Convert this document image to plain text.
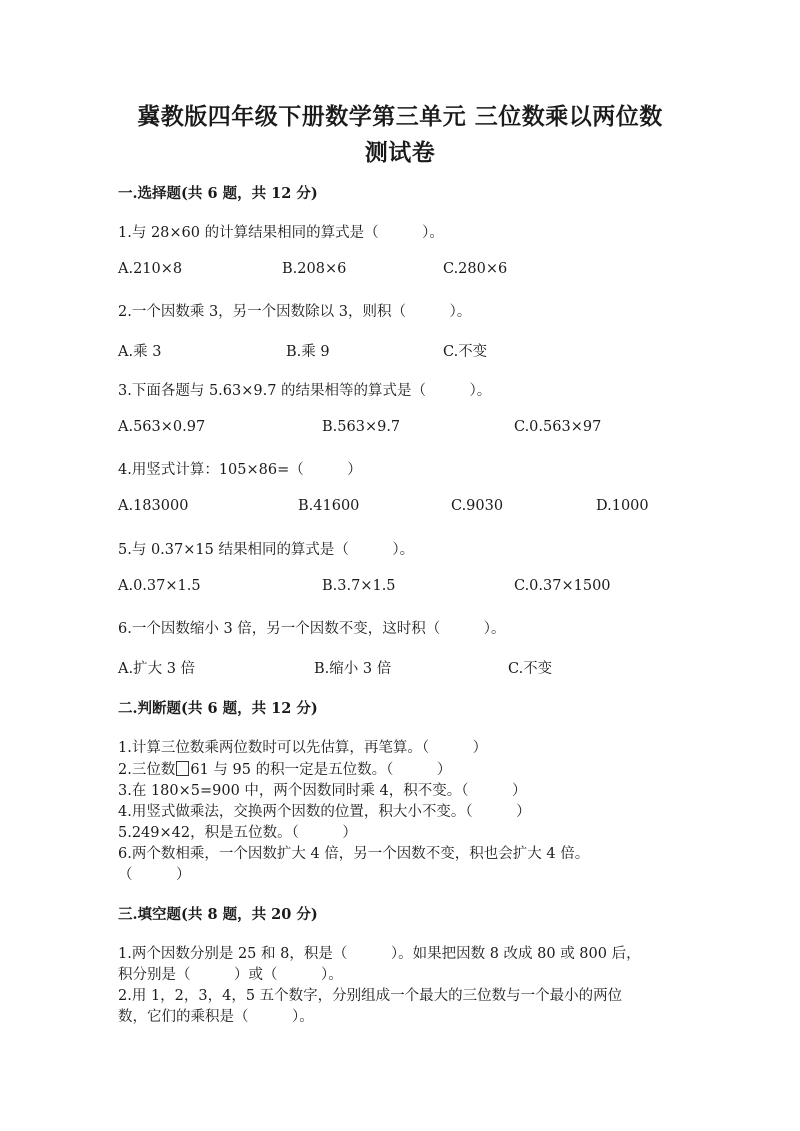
冀教版四年级下册数学第三单元 三位数乘以两位数
测试卷
一.选择题(共 6 题，共 12 分)
1.与 28×60 的计算结果相同的算式是（　　　）。
A.210×8	B.208×6	C.280×6
2.一个因数乘 3，另一个因数除以 3，则积（　　　）。
A.乘 3	B.乘 9	C.不变
3.下面各题与 5.63×9.7 的结果相等的算式是（　　　）。
A.563×0.97	B.563×9.7	C.0.563×97
4.用竖式计算：105×86=（　　　）
A.183000	B.41600	C.9030	D.1000
5.与 0.37×15 结果相同的算式是（　　　）。
A.0.37×1.5	B.3.7×1.5	C.0.37×1500
6.一个因数缩小 3 倍，另一个因数不变，这时积（　　　）。
A.扩大 3 倍	B.缩小 3 倍	C.不变
二.判断题(共 6 题，共 12 分)
1.计算三位数乘两位数时可以先估算，再笔算。（　　　）
2.三位数 61 与 95 的积一定是五位数。（　　　）
3.在 180×5=900 中，两个因数同时乘 4，积不变。（　　　）
4.用竖式做乘法，交换两个因数的位置，积大小不变。（　　　）
5.249×42，积是五位数。（　　　）
6.两个数相乘，一个因数扩大 4 倍，另一个因数不变，积也会扩大 4 倍。
（　　　）
三.填空题(共 8 题，共 20 分)
1.两个因数分别是 25 和 8，积是（　　　）。如果把因数 8 改成 80 或 800 后，
积分别是（　　　）或（　　　）。
2.用 1，2，3，4，5 五个数字，分别组成一个最大的三位数与一个最小的两位
数，它们的乘积是（　　　）。
